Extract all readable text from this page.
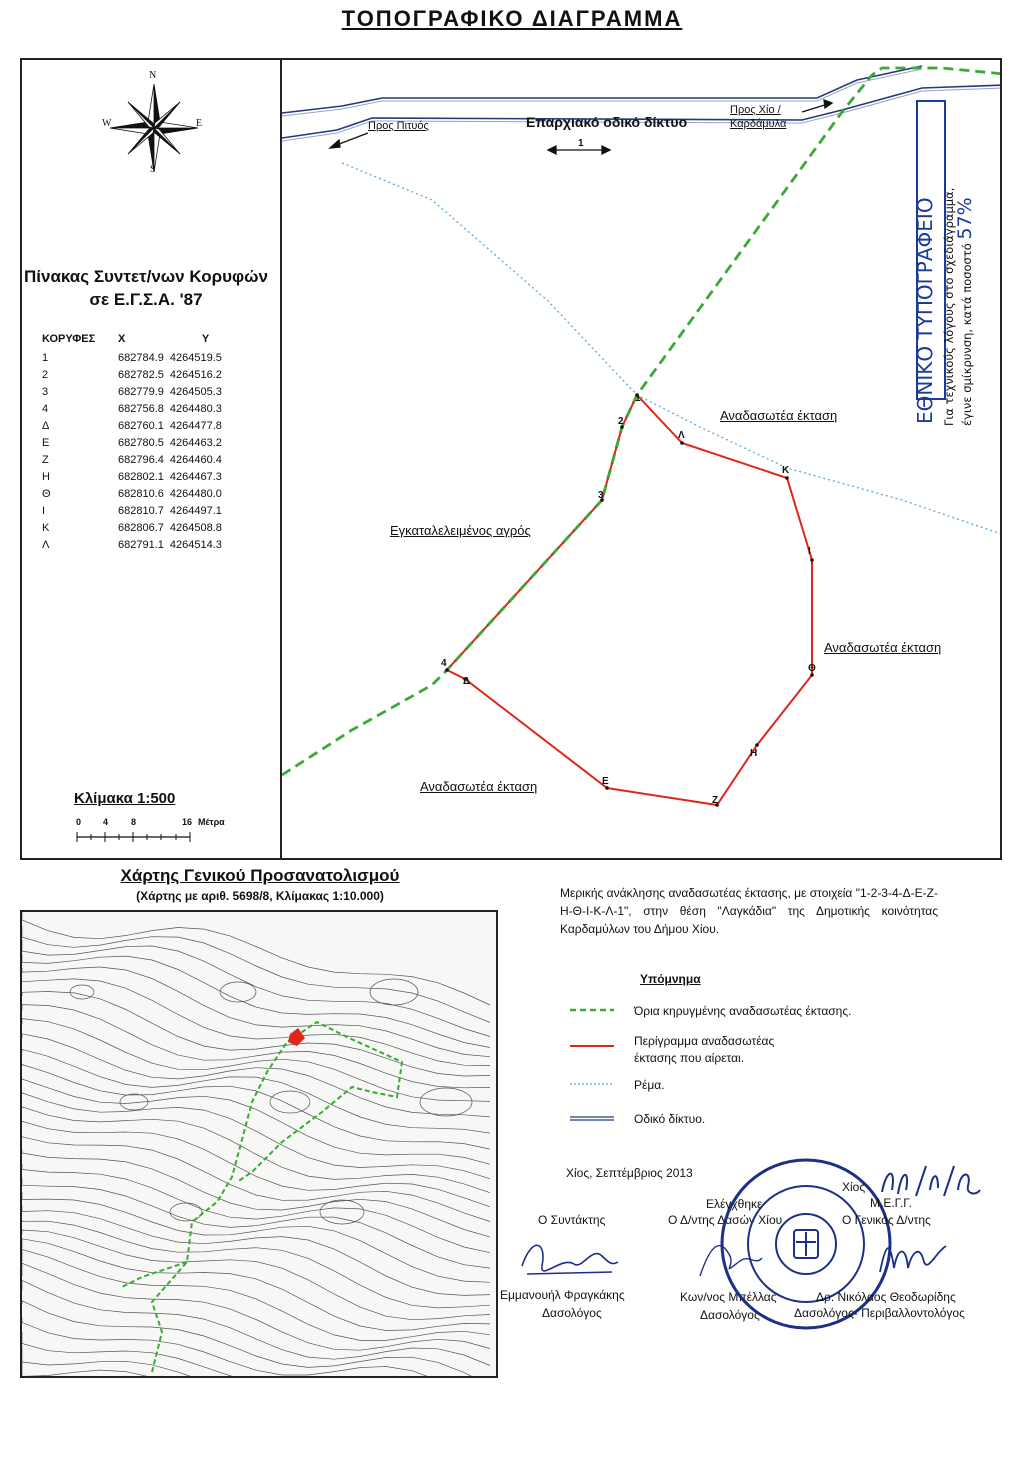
ΤΟΠΟΓΡΑΦΙΚΟ ΔΙΑΓΡΑΜΜΑ
N
S
W	E
Πίνακας Συντετ/νων Κορυφών
σε Ε.Γ.Σ.Α. '87
ΚΟΡΥΦΕΣ	X	Y
1	682784.9	4264519.5
2	682782.5	4264516.2
3	682779.9	4264505.3
4	682756.8	4264480.3
Δ	682760.1	4264477.8
Ε	682780.5	4264463.2
Ζ	682796.4	4264460.4
Η	682802.1	4264467.3
Θ	682810.6	4264480.0
Ι	682810.7	4264497.1
Κ	682806.7	4264508.8
Λ	682791.1	4264514.3
Κλίμακα 1:500
0 4	8	16 Μέτρα
Προς Πιτυός	Επαρχιακό οδικό δίκτυο
1
Προς Χίο /
Καρδάμυλα
Εγκαταλελειμένος αγρός
Αναδασωτέα έκταση
Αναδασωτέα έκταση
Αναδασωτέα έκταση
1
2
3
4
Δ
Ε
Ζ
Η
Θ
Ι
Κ
Λ
ΕΘΝΙΚΟ ΤΥΠΟΓΡΑΦΕΙΟ Για τεχνικούς λόγους στο σχεδιάγραμμα, έγινε σμίκρυνση, κατά ποσοστό 57%
Χάρτης Γενικού Προσανατολισμού
(Χάρτης με αριθ. 5698/8, Κλίμακας 1:10.000)	Μερικής ανάκλησης αναδασωτέας έκτασης, με στοιχεία "1-2-3-4-Δ-Ε-Ζ-Η-Θ-Ι-Κ-Λ-1", στην θέση "Λαγκάδια" της Δημοτικής κοινότητας Καρδαμύλων του Δήμου Χίου.
Υπόμνημα
Όρια κηρυγμένης αναδασωτέας έκτασης.
Περίγραμμα αναδασωτέας
έκτασης που αίρεται.
Ρέμα.
Οδικό δίκτυο.
Χίος, Σεπτέμβριος 2013
Ο Συντάκτης
Εμμανουήλ Φραγκάκης
Δασολόγος
Ελέγχθηκε
Ο Δ/ντης Δασών Χίου
Κων/νος Μπέλλας
Δασολόγος
Χίος
Μ.Ε.Γ.Γ.
Ο Γενικός Δ/ντης
Δρ. Νικόλαος Θεοδωρίδης
Δασολόγος- Περιβαλλοντολόγος
